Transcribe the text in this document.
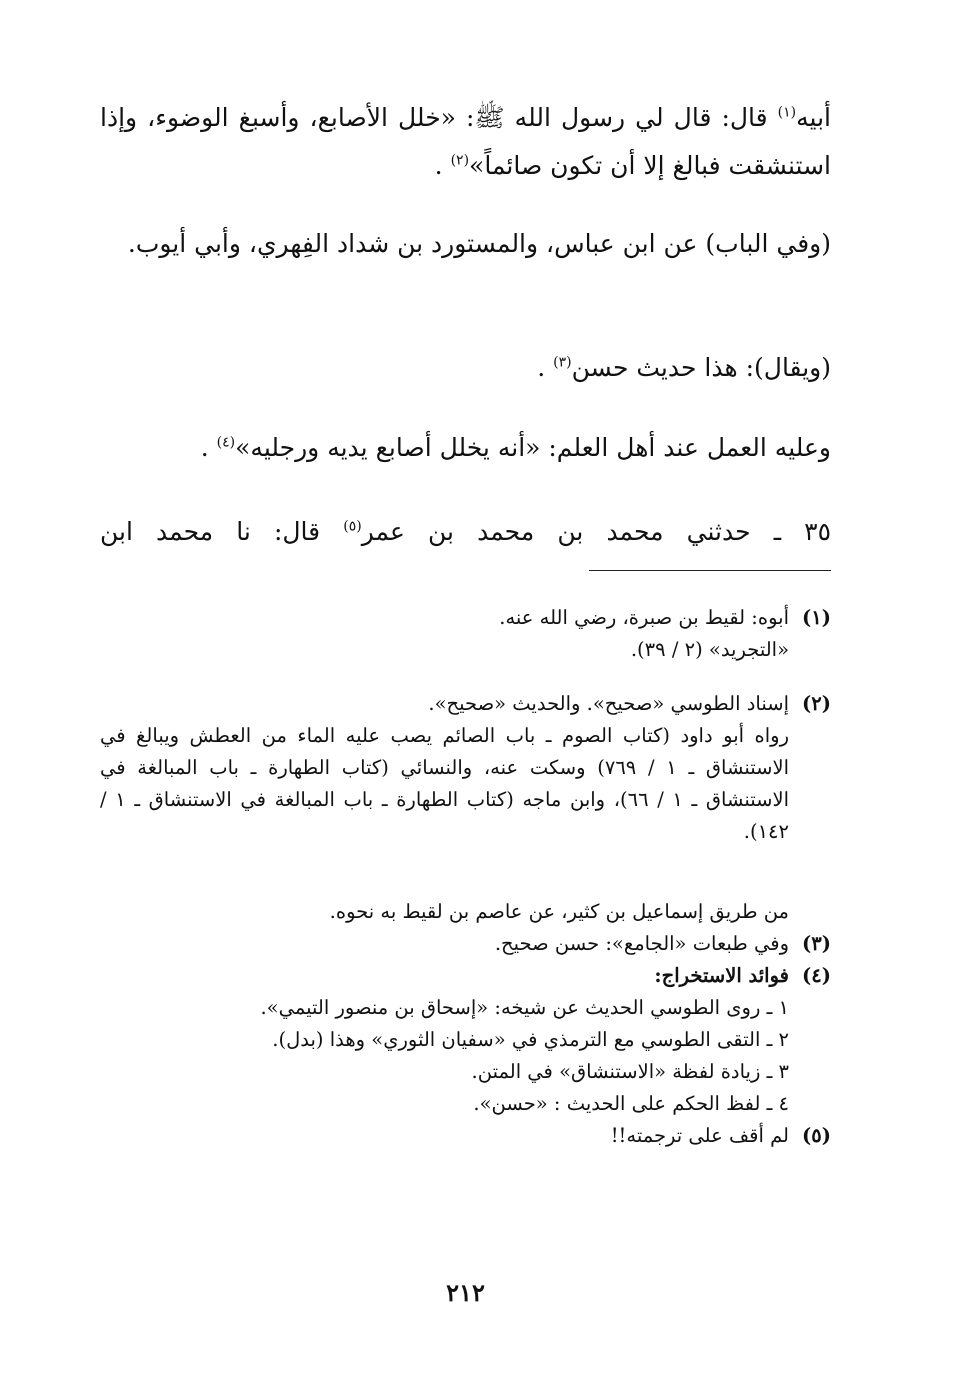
أبيه$^{(١)}$ قال: قال لي رسول الله ﷺ: «خلل الأصابع، وأسبغ الوضوء، وإذا استنشقت فبالغ إلا أن تكون صائماً»$^{(٢)}$ .

(وفي الباب) عن ابن عباس، والمستورد بن شداد الفِهري، وأبي أيوب.

(ويقال): هذا حديث حسن$^{(٣)}$ .

وعليه العمل عند أهل العلم: «أنه يخلل أصابع يديه ورجليه»$^{(٤)}$ .

٣٥ ـ حدثني محمد بن محمد بن عمر$^{(٥)}$ قال: نا محمد ابن

(١)أبوه: لقيط بن صبرة، رضي الله عنه.
«التجريد» (٢ / ٣٩).
(٢)إسناد الطوسي «صحيح». والحديث «صحيح».
رواه أبو داود (كتاب الصوم ـ باب الصائم يصب عليه الماء من العطش ويبالغ في الاستنشاق ـ ١ / ٧٦٩) وسكت عنه، والنسائي (كتاب الطهارة ـ باب المبالغة في الاستنشاق ـ ١ / ٦٦)، وابن ماجه (كتاب الطهارة ـ باب المبالغة في الاستنشاق ـ ١ / ١٤٢).
من طريق إسماعيل بن كثير، عن عاصم بن لقيط به نحوه.
(٣)وفي طبعات «الجامع»: حسن صحيح.
(٤)فوائد الاستخراج:
١ ـ روى الطوسي الحديث عن شيخه: «إسحاق بن منصور التيمي».
٢ ـ التقى الطوسي مع الترمذي في «سفيان الثوري» وهذا (بدل).
٣ ـ زيادة لفظة «الاستنشاق» في المتن.
٤ ـ لفظ الحكم على الحديث : «حسن».
(٥)لم أقف على ترجمته!!
٢١٢
